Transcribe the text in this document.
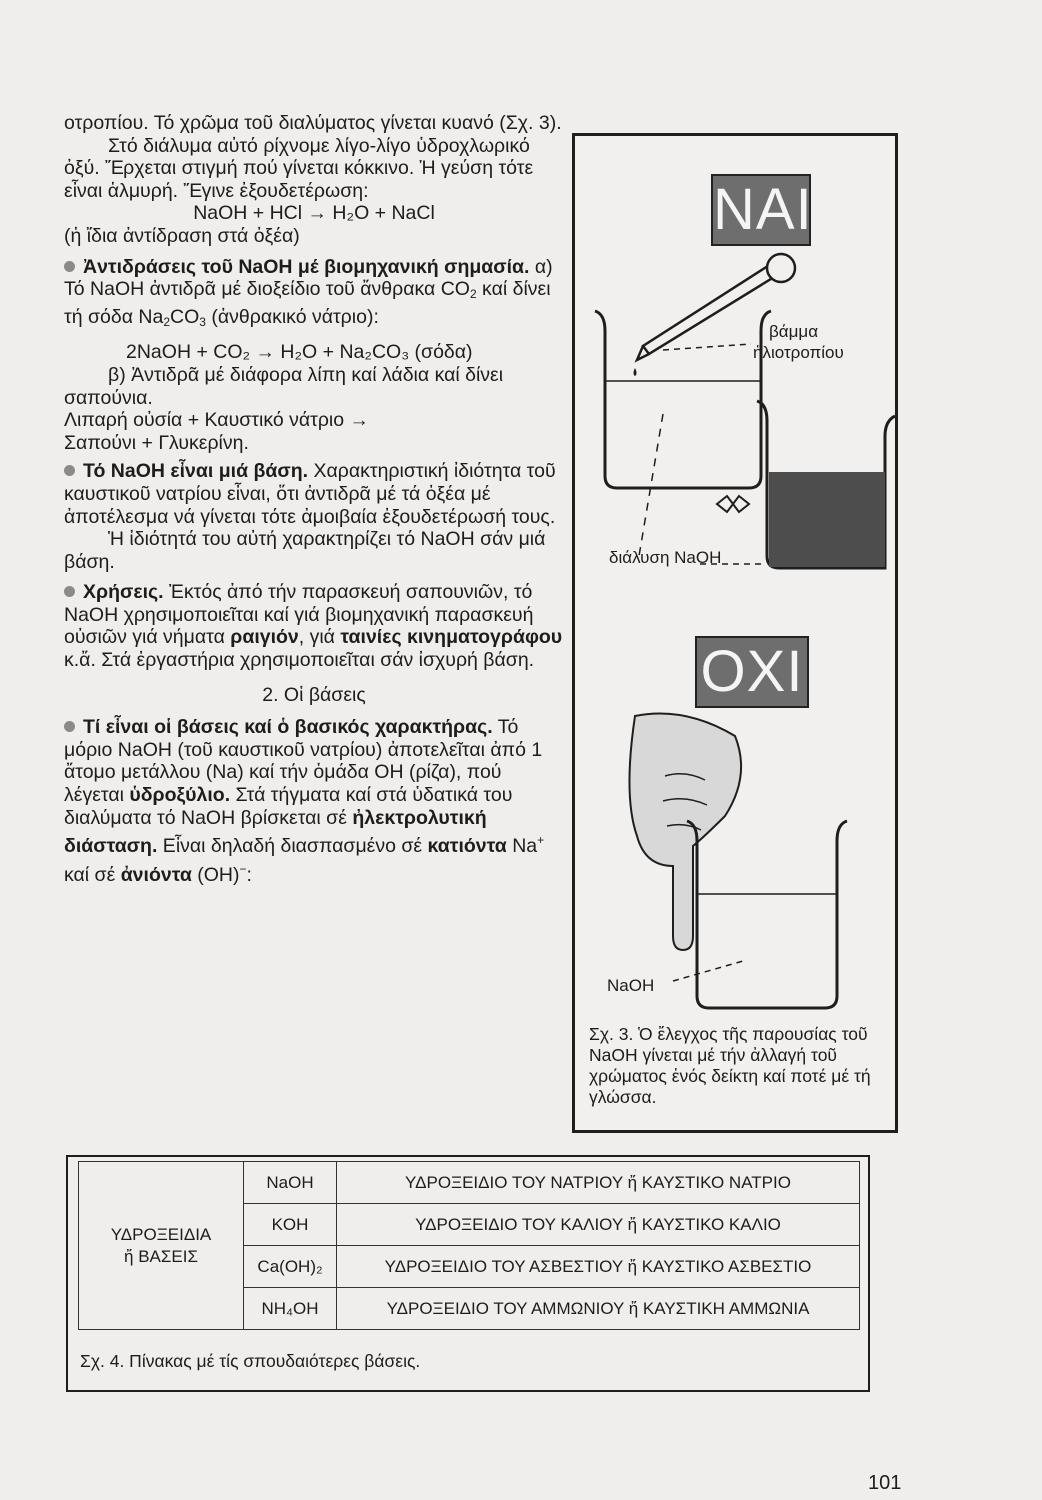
οτροπίου. Τό χρῶμα τοῦ διαλύματος γίνεται κυανό (Σχ. 3).

Στό διάλυμα αὐτό ρίχνομε λίγο-λίγο ὑδροχλωρικό ὀξύ. Ἔρχεται στιγμή πού γίνεται κόκκινο. Ἡ γεύση τότε εἶναι ἁλμυρή. Ἔγινε ἐξουδετέρωση:

NaOH + HCl → H₂O + NaCl

(ἡ ἴδια ἀντίδραση στά ὀξέα)

Ἀντιδράσεις τοῦ NaOH μέ βιομηχανική σημασία. α) Τό NaOH ἀντιδρᾶ μέ διοξείδιο τοῦ ἄνθρακα $CO_2$ καί δίνει τή σόδα $Na_2CO_3$ (ἀνθρακικό νάτριο):

2NaOH + CO₂ → H₂O + Na₂CO₃ (σόδα)

β) Ἀντιδρᾶ μέ διάφορα λίπη καί λάδια καί δίνει σαπούνια.

Λιπαρή οὐσία + Καυστικό νάτριο →

Σαπούνι + Γλυκερίνη.

Τό NaOH εἶναι μιά βάση. Χαρακτηριστική ἰδιότητα τοῦ καυστικοῦ νατρίου εἶναι, ὅτι ἀντιδρᾶ μέ τά ὀξέα μέ ἀποτέλεσμα νά γίνεται τότε ἀμοιβαία ἐξουδετέρωσή τους.

Ἡ ἰδιότητά του αὐτή χαρακτηρίζει τό NaOH σάν μιά βάση.

Χρήσεις. Ἐκτός ἀπό τήν παρασκευή σαπουνιῶν, τό NaOH χρησιμοποιεῖται καί γιά βιομηχανική παρασκευή οὐσιῶν γιά νήματα ραιγιόν, γιά ταινίες κινηματογράφου κ.ἄ. Στά ἐργαστήρια χρησιμοποιεῖται σάν ἰσχυρή βάση.

2. Οἱ βάσεις

Τί εἶναι οἱ βάσεις καί ὁ βασικός χαρακτήρας. Τό μόριο NaOH (τοῦ καυστικοῦ νατρίου) ἀποτελεῖται ἀπό 1 ἄτομο μετάλλου (Na) καί τήν ὁμάδα OH (ρίζα), πού λέγεται ὑδροξύλιο. Στά τήγματα καί στά ὑδατικά του διαλύματα τό NaOH βρίσκεται σέ ἠλεκτρολυτική διάσταση. Εἶναι δηλαδή διασπασμένο σέ κατιόντα Na+ καί σέ ἀνιόντα (OH)−:

ΝΑΙ
ΟΧΙ
βάμμα
ἡλιοτροπίου
διάλυση NaOH
NaOH

Σχ. 3. Ὁ ἔλεγχος τῆς παρουσίας τοῦ NaOH γίνεται μέ τήν ἀλλαγή τοῦ χρώματος ἑνός δείκτη καί ποτέ μέ τή γλώσσα.

ΥΔΡΟΞΕΙΔΙΑ
ἤ ΒΑΣΕΙΣ	NaOH	ΥΔΡΟΞΕΙΔΙΟ ΤΟΥ ΝΑΤΡΙΟΥ ἤ ΚΑΥΣΤΙΚΟ ΝΑΤΡΙΟ
	KOH	ΥΔΡΟΞΕΙΔΙΟ ΤΟΥ ΚΑΛΙΟΥ ἤ ΚΑΥΣΤΙΚΟ ΚΑΛΙΟ
	Ca(OH)₂	ΥΔΡΟΞΕΙΔΙΟ ΤΟΥ ΑΣΒΕΣΤΙΟΥ ἤ ΚΑΥΣΤΙΚΟ ΑΣΒΕΣΤΙΟ
	NH₄OH	ΥΔΡΟΞΕΙΔΙΟ ΤΟΥ ΑΜΜΩΝΙΟΥ ἤ ΚΑΥΣΤΙΚΗ ΑΜΜΩΝΙΑ
Σχ. 4. Πίνακας μέ τίς σπουδαιότερες βάσεις.
101
